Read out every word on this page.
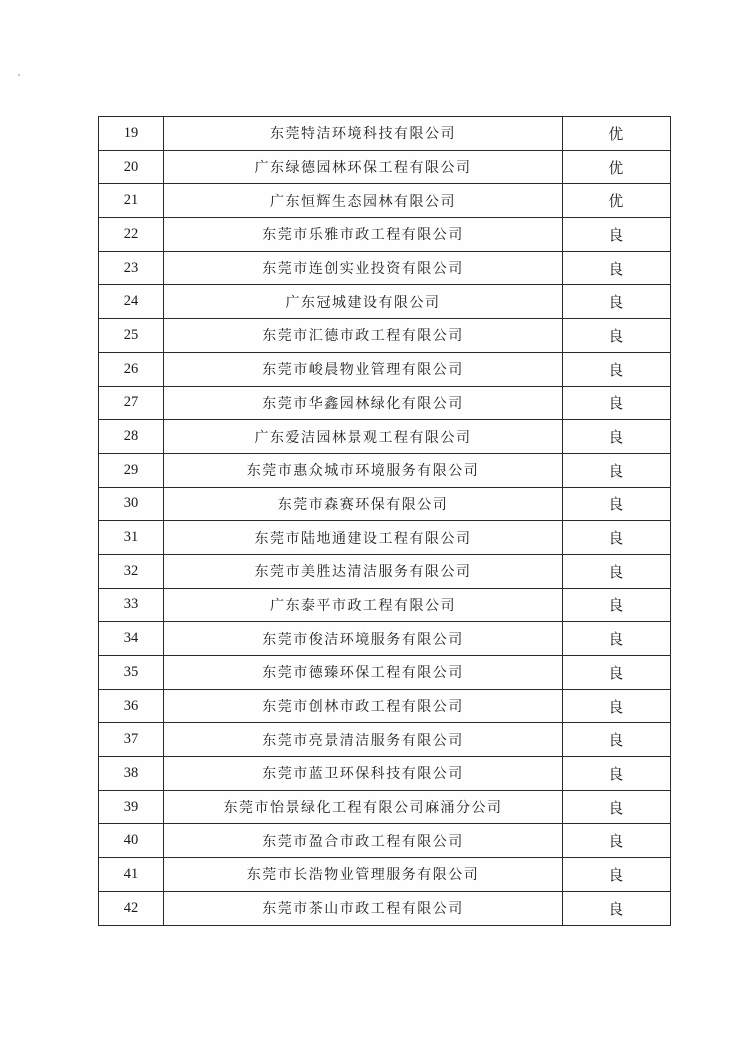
19	东莞特洁环境科技有限公司	优
20	广东绿德园林环保工程有限公司	优
21	广东恒辉生态园林有限公司	优
22	东莞市乐雅市政工程有限公司	良
23	东莞市连创实业投资有限公司	良
24	广东冠城建设有限公司	良
25	东莞市汇德市政工程有限公司	良
26	东莞市峻晨物业管理有限公司	良
27	东莞市华鑫园林绿化有限公司	良
28	广东爱洁园林景观工程有限公司	良
29	东莞市惠众城市环境服务有限公司	良
30	东莞市森赛环保有限公司	良
31	东莞市陆地通建设工程有限公司	良
32	东莞市美胜达清洁服务有限公司	良
33	广东泰平市政工程有限公司	良
34	东莞市俊洁环境服务有限公司	良
35	东莞市德臻环保工程有限公司	良
36	东莞市创林市政工程有限公司	良
37	东莞市亮景清洁服务有限公司	良
38	东莞市蓝卫环保科技有限公司	良
39	东莞市怡景绿化工程有限公司麻涌分公司	良
40	东莞市盈合市政工程有限公司	良
41	东莞市长浩物业管理服务有限公司	良
42	东莞市茶山市政工程有限公司	良
